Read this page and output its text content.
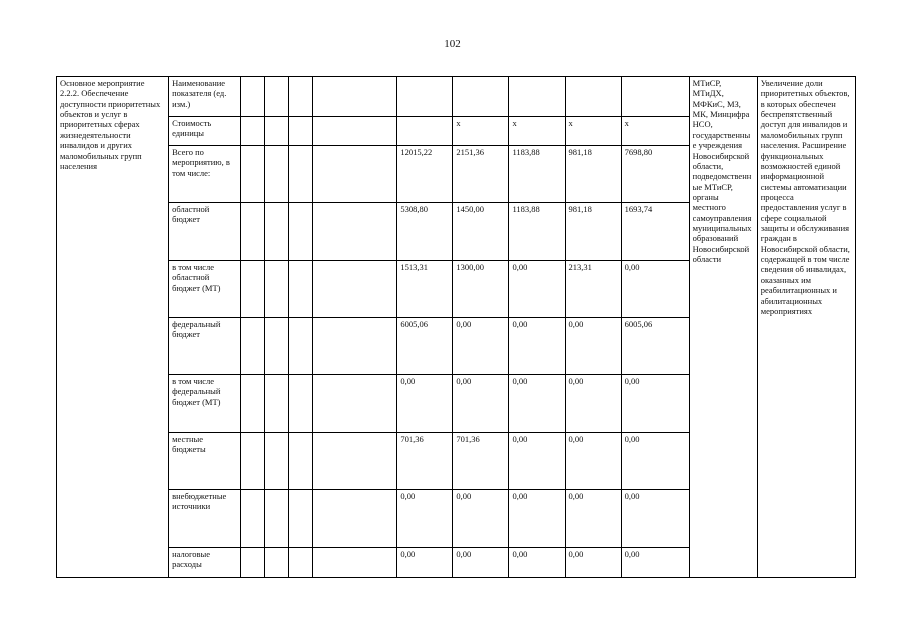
102
Основное мероприятие 2.2.2. Обеспечение доступности приоритетных объектов и услуг в приоритетных сферах жизнедеятельности инвалидов и других маломобильных групп населения	Наименование показателя (ед. изм.)										МТиСР, МТиДХ, МФКиС, МЗ, МК, Минцифра НСО, государственные учреждения Новосибирской области, подведомственные МТиСР, органы местного самоуправления муниципальных образований Новосибирской области	Увеличение доли приоритетных объектов, в которых обеспечен беспрепятственный доступ для инвалидов и маломобильных групп населения. Расширение функциональных возможностей единой информационной системы автоматизации процесса предоставления услуг в сфере социальной защиты и обслуживания граждан в Новосибирской области, содержащей в том числе сведения об инвалидах, оказанных им реабилитационных и абилитационных мероприятиях
	Стоимость единицы						х	х	х	х		
	Всего по мероприятию, в том числе:					12015,22	2151,36	1183,88	981,18	7698,80		
	областной бюджет					5308,80	1450,00	1183,88	981,18	1693,74		
	в том числе областной бюджет (МТ)					1513,31	1300,00	0,00	213,31	0,00		
	федеральный бюджет					6005,06	0,00	0,00	0,00	6005,06		
	в том числе федеральный бюджет (МТ)					0,00	0,00	0,00	0,00	0,00		
	местные бюджеты					701,36	701,36	0,00	0,00	0,00		
	внебюджетные источники					0,00	0,00	0,00	0,00	0,00		
	налоговые расходы					0,00	0,00	0,00	0,00	0,00		
